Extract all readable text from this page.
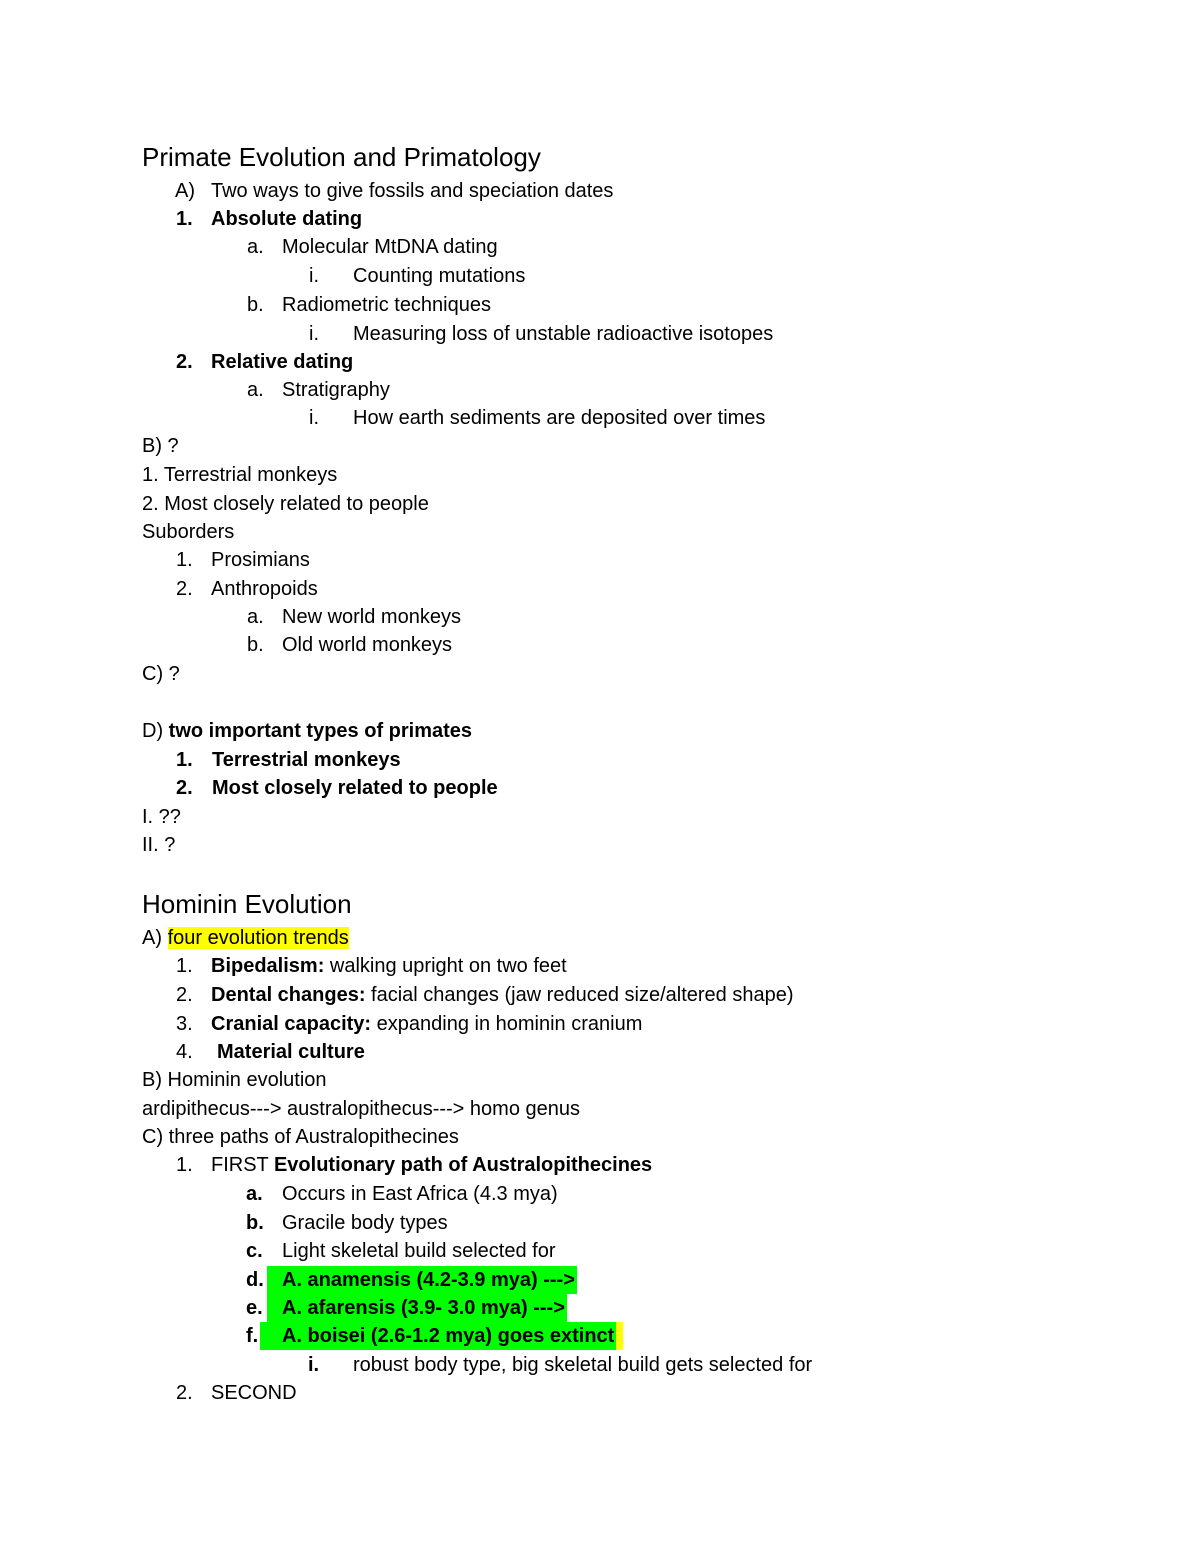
Primate Evolution and Primatology

A)

Two ways to give fossils and speciation dates

1.

Absolute dating

a.

Molecular MtDNA dating

i.

Counting mutations

b.

Radiometric techniques

i.

Measuring loss of unstable radioactive isotopes

2.

Relative dating

a.

Stratigraphy

i.

How earth sediments are deposited over times

B) ?
1. Terrestrial monkeys
2. Most closely related to people
Suborders

1.

Prosimians

2.

Anthropoids

a.

New world monkeys

b.

Old world monkeys

C) ?
D) two important types of primates

1.

Terrestrial monkeys

2.

Most closely related to people

I. ??
II. ?
Hominin Evolution
A) four evolution trends

1.

Bipedalism: walking upright on two feet

2.

Dental changes: facial changes (jaw reduced size/altered shape)

3.

Cranial capacity: expanding in hominin cranium

4.

Material culture

B) Hominin evolution
ardipithecus---> australopithecus---> homo genus
C) three paths of Australopithecines

1.

FIRST Evolutionary path of Australopithecines

a.

Occurs in East Africa (4.3 mya)

b.

Gracile body types

c.

Light skeletal build selected for

d.

A. anamensis (4.2-3.9 mya) --->

e.

A. afarensis (3.9- 3.0 mya) --->

f.

	A. boisei (2.6-1.2 mya) goes extinct

i.

robust body type, big skeletal build gets selected for

2.

SECOND
